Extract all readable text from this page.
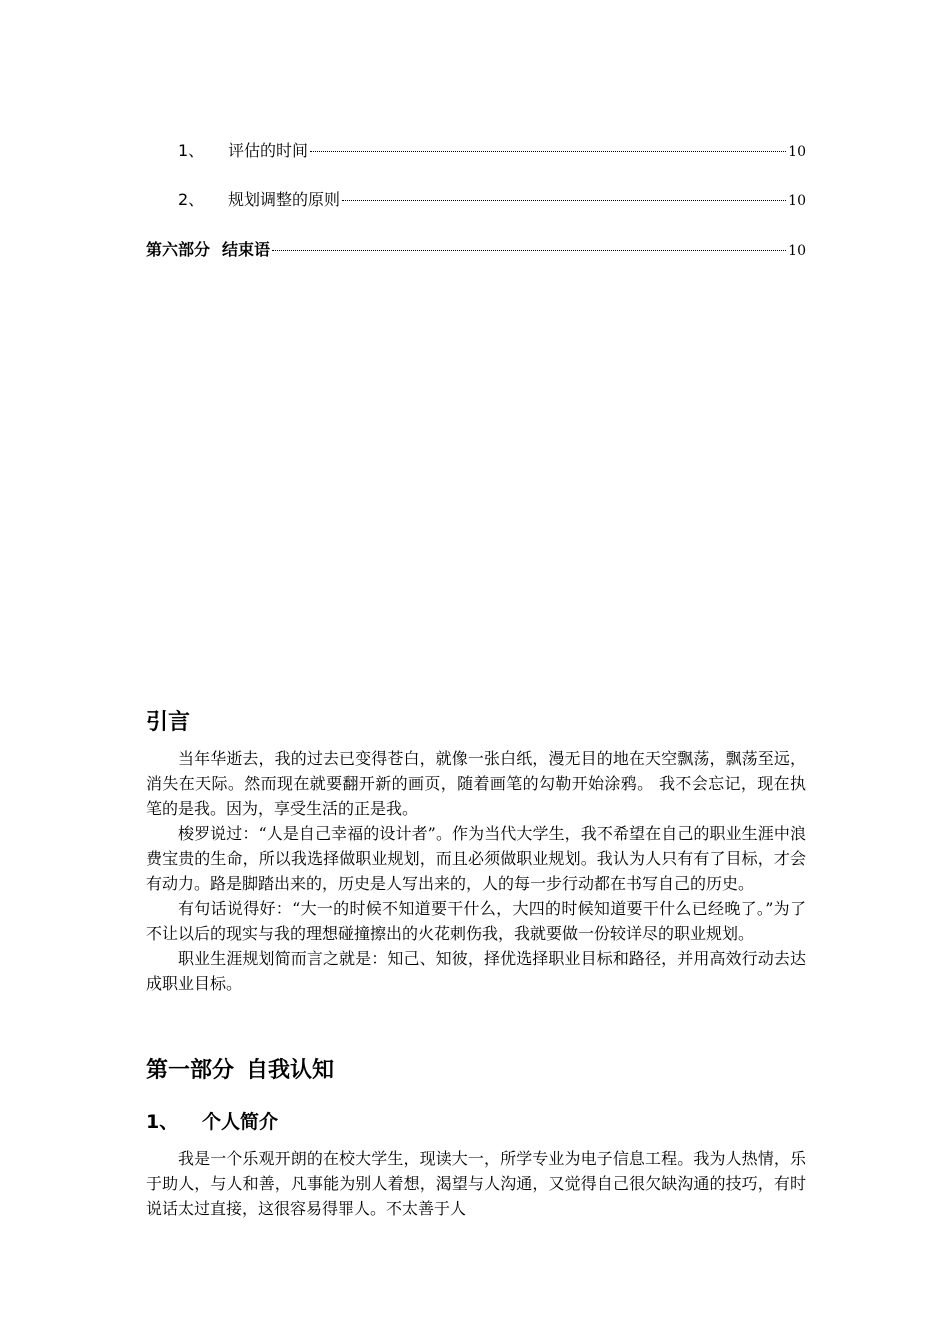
1、	评估的时间	10
2、	规划调整的原则	10
第六部分 结束语	10
引言

当年华逝去，我的过去已变得苍白，就像一张白纸，漫无目的地在天空飘荡，飘荡至远，消失在天际。然而现在就要翻开新的画页，随着画笔的勾勒开始涂鸦。 我不会忘记，现在执笔的是我。因为，享受生活的正是我。

梭罗说过：“人是自己幸福的设计者”。作为当代大学生，我不希望在自己的职业生涯中浪费宝贵的生命，所以我选择做职业规划，而且必须做职业规划。我认为人只有有了目标，才会有动力。路是脚踏出来的，历史是人写出来的，人的每一步行动都在书写自己的历史。

有句话说得好：“大一的时候不知道要干什么，大四的时候知道要干什么已经晚了。”为了不让以后的现实与我的理想碰撞擦出的火花刺伤我，我就要做一份较详尽的职业规划。

职业生涯规划简而言之就是：知己、知彼，择优选择职业目标和路径，并用高效行动去达成职业目标。

第一部分 自我认知
1、 个人简介

我是一个乐观开朗的在校大学生，现读大一，所学专业为电子信息工程。我为人热情，乐于助人，与人和善，凡事能为别人着想，渴望与人沟通，又觉得自己很欠缺沟通的技巧，有时说话太过直接，这很容易得罪人。不太善于人
